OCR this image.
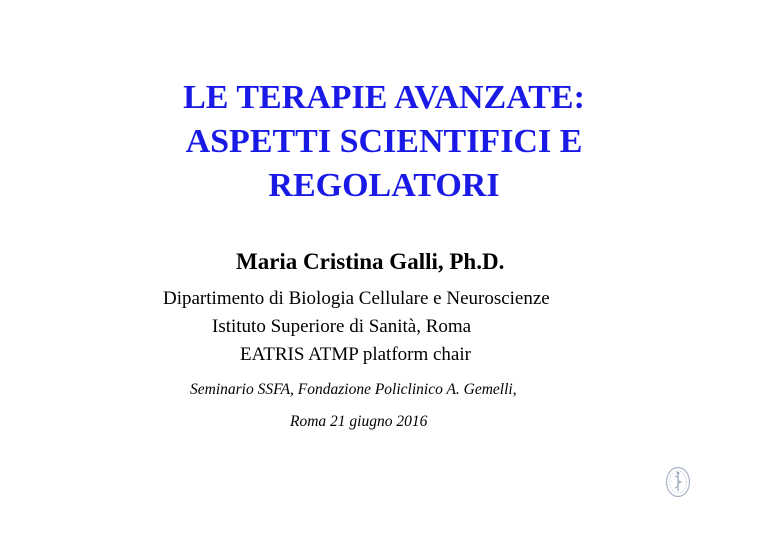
LE TERAPIE AVANZATE:
ASPETTI SCIENTIFICI E
REGOLATORI
Maria Cristina Galli, Ph.D.
Dipartimento di Biologia Cellulare e Neuroscienze
Istituto Superiore di Sanità, Roma
EATRIS ATMP platform chair
Seminario SSFA, Fondazione Policlinico A. Gemelli,
Roma 21 giugno 2016
